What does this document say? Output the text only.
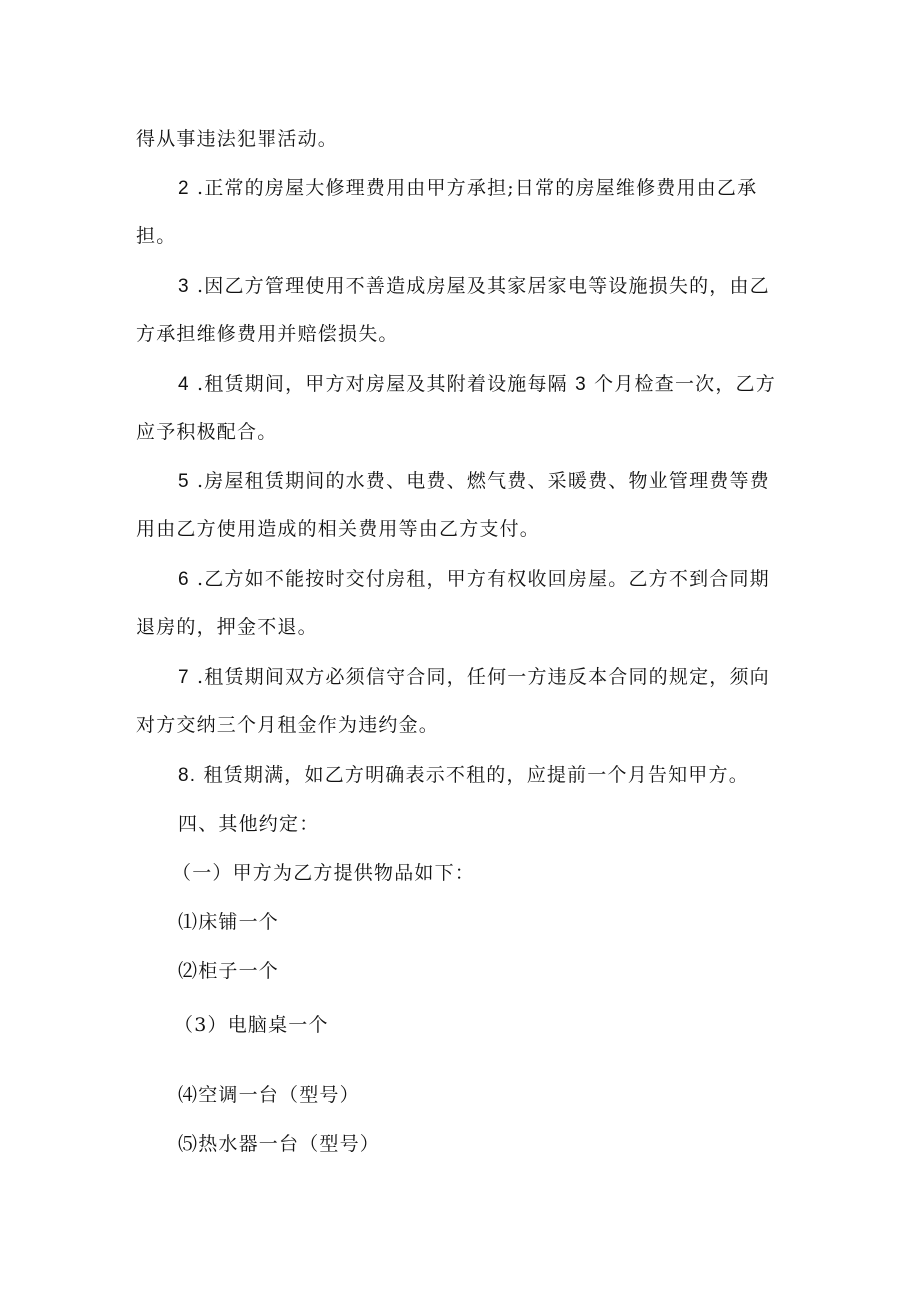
得从事违法犯罪活动。
2 .正常的房屋大修理费用由甲方承担;日常的房屋维修费用由乙承
担。
3 .因乙方管理使用不善造成房屋及其家居家电等设施损失的，由乙
方承担维修费用并赔偿损失。
4 .租赁期间，甲方对房屋及其附着设施每隔 3 个月检查一次，乙方
应予积极配合。
5 .房屋租赁期间的水费、电费、燃气费、采暖费、物业管理费等费
用由乙方使用造成的相关费用等由乙方支付。
6 .乙方如不能按时交付房租，甲方有权收回房屋。乙方不到合同期
退房的，押金不退。
7 .租赁期间双方必须信守合同，任何一方违反本合同的规定，须向
对方交纳三个月租金作为违约金。
8. 租赁期满，如乙方明确表示不租的，应提前一个月告知甲方。
四、其他约定：
（一）甲方为乙方提供物品如下：
⑴床铺一个
⑵柜子一个
（3）电脑桌一个
⑷空调一台（型号）
⑸热水器一台（型号）
